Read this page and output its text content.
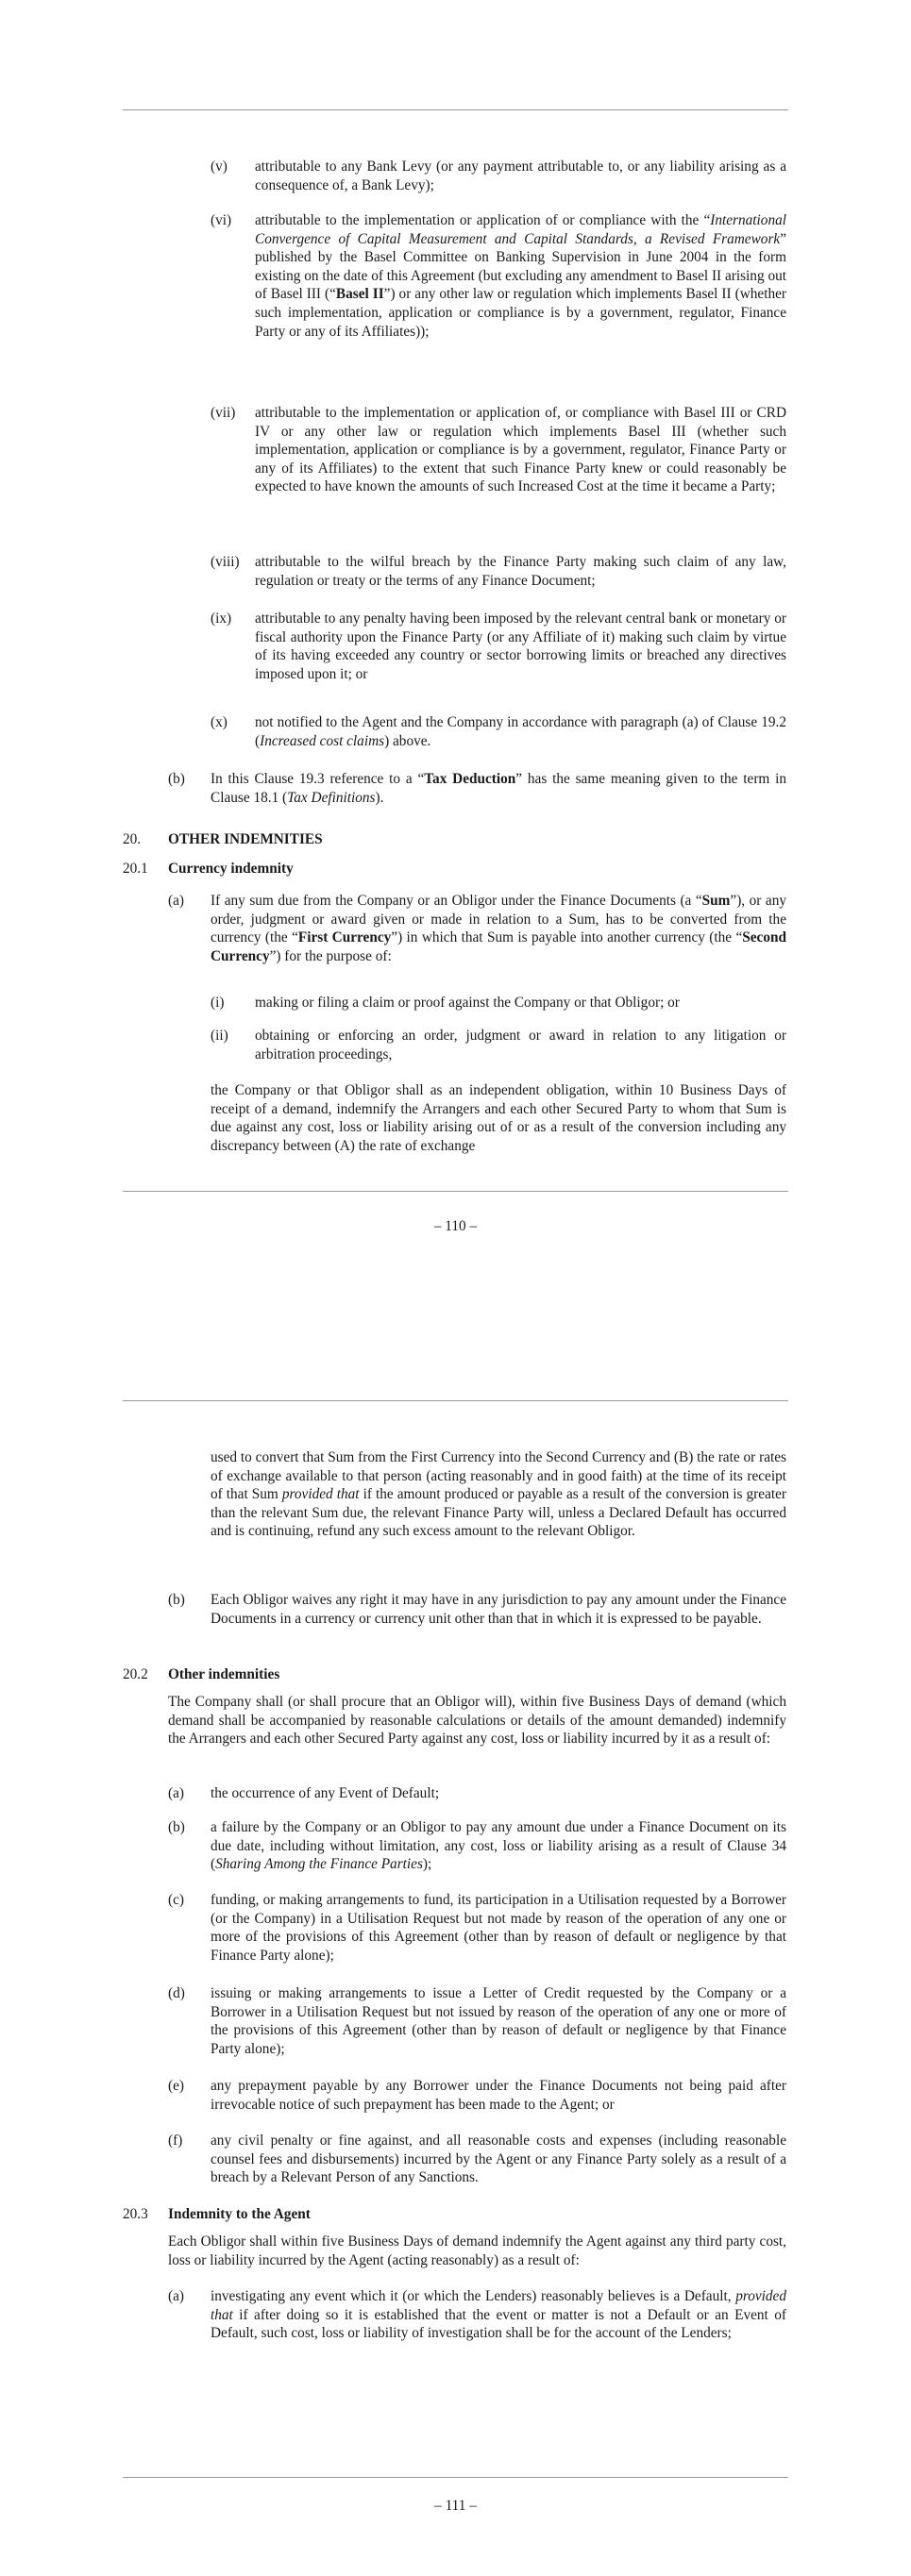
(v) attributable to any Bank Levy (or any payment attributable to, or any liability arising as a consequence of, a Bank Levy);

(vi) attributable to the implementation or application of or compliance with the “International Convergence of Capital Measurement and Capital Standards, a Revised Framework” published by the Basel Committee on Banking Supervision in June 2004 in the form existing on the date of this Agreement (but excluding any amendment to Basel II arising out of Basel III (“Basel II”) or any other law or regulation which implements Basel II (whether such implementation, application or compliance is by a government, regulator, Finance Party or any of its Affiliates));

(vii) attributable to the implementation or application of, or compliance with Basel III or CRD IV or any other law or regulation which implements Basel III (whether such implementation, application or compliance is by a government, regulator, Finance Party or any of its Affiliates) to the extent that such Finance Party knew or could reasonably be expected to have known the amounts of such Increased Cost at the time it became a Party;

(viii) attributable to the wilful breach by the Finance Party making such claim of any law, regulation or treaty or the terms of any Finance Document;

(ix) attributable to any penalty having been imposed by the relevant central bank or monetary or fiscal authority upon the Finance Party (or any Affiliate of it) making such claim by virtue of its having exceeded any country or sector borrowing limits or breached any directives imposed upon it; or

(x) not notified to the Agent and the Company in accordance with paragraph (a) of Clause 19.2 (Increased cost claims) above.

(b) In this Clause 19.3 reference to a “Tax Deduction” has the same meaning given to the term in Clause 18.1 (Tax Definitions).

20. OTHER INDEMNITIES

20.1 Currency indemnity

(a) If any sum due from the Company or an Obligor under the Finance Documents (a “Sum”), or any order, judgment or award given or made in relation to a Sum, has to be converted from the currency (the “First Currency”) in which that Sum is payable into another currency (the “Second Currency”) for the purpose of:

(i) making or filing a claim or proof against the Company or that Obligor; or

(ii) obtaining or enforcing an order, judgment or award in relation to any litigation or arbitration proceedings,

the Company or that Obligor shall as an independent obligation, within 10 Business Days of receipt of a demand, indemnify the Arrangers and each other Secured Party to whom that Sum is due against any cost, loss or liability arising out of or as a result of the conversion including any discrepancy between (A) the rate of exchange

– 110 –

used to convert that Sum from the First Currency into the Second Currency and (B) the rate or rates of exchange available to that person (acting reasonably and in good faith) at the time of its receipt of that Sum provided that if the amount produced or payable as a result of the conversion is greater than the relevant Sum due, the relevant Finance Party will, unless a Declared Default has occurred and is continuing, refund any such excess amount to the relevant Obligor.

(b) Each Obligor waives any right it may have in any jurisdiction to pay any amount under the Finance Documents in a currency or currency unit other than that in which it is expressed to be payable.

20.2 Other indemnities

The Company shall (or shall procure that an Obligor will), within five Business Days of demand (which demand shall be accompanied by reasonable calculations or details of the amount demanded) indemnify the Arrangers and each other Secured Party against any cost, loss or liability incurred by it as a result of:

(a) the occurrence of any Event of Default;

(b) a failure by the Company or an Obligor to pay any amount due under a Finance Document on its due date, including without limitation, any cost, loss or liability arising as a result of Clause 34 (Sharing Among the Finance Parties);

(c) funding, or making arrangements to fund, its participation in a Utilisation requested by a Borrower (or the Company) in a Utilisation Request but not made by reason of the operation of any one or more of the provisions of this Agreement (other than by reason of default or negligence by that Finance Party alone);

(d) issuing or making arrangements to issue a Letter of Credit requested by the Company or a Borrower in a Utilisation Request but not issued by reason of the operation of any one or more of the provisions of this Agreement (other than by reason of default or negligence by that Finance Party alone);

(e) any prepayment payable by any Borrower under the Finance Documents not being paid after irrevocable notice of such prepayment has been made to the Agent; or

(f) any civil penalty or fine against, and all reasonable costs and expenses (including reasonable counsel fees and disbursements) incurred by the Agent or any Finance Party solely as a result of a breach by a Relevant Person of any Sanctions.

20.3 Indemnity to the Agent

Each Obligor shall within five Business Days of demand indemnify the Agent against any third party cost, loss or liability incurred by the Agent (acting reasonably) as a result of:

(a) investigating any event which it (or which the Lenders) reasonably believes is a Default, provided that if after doing so it is established that the event or matter is not a Default or an Event of Default, such cost, loss or liability of investigation shall be for the account of the Lenders;

– 111 –
